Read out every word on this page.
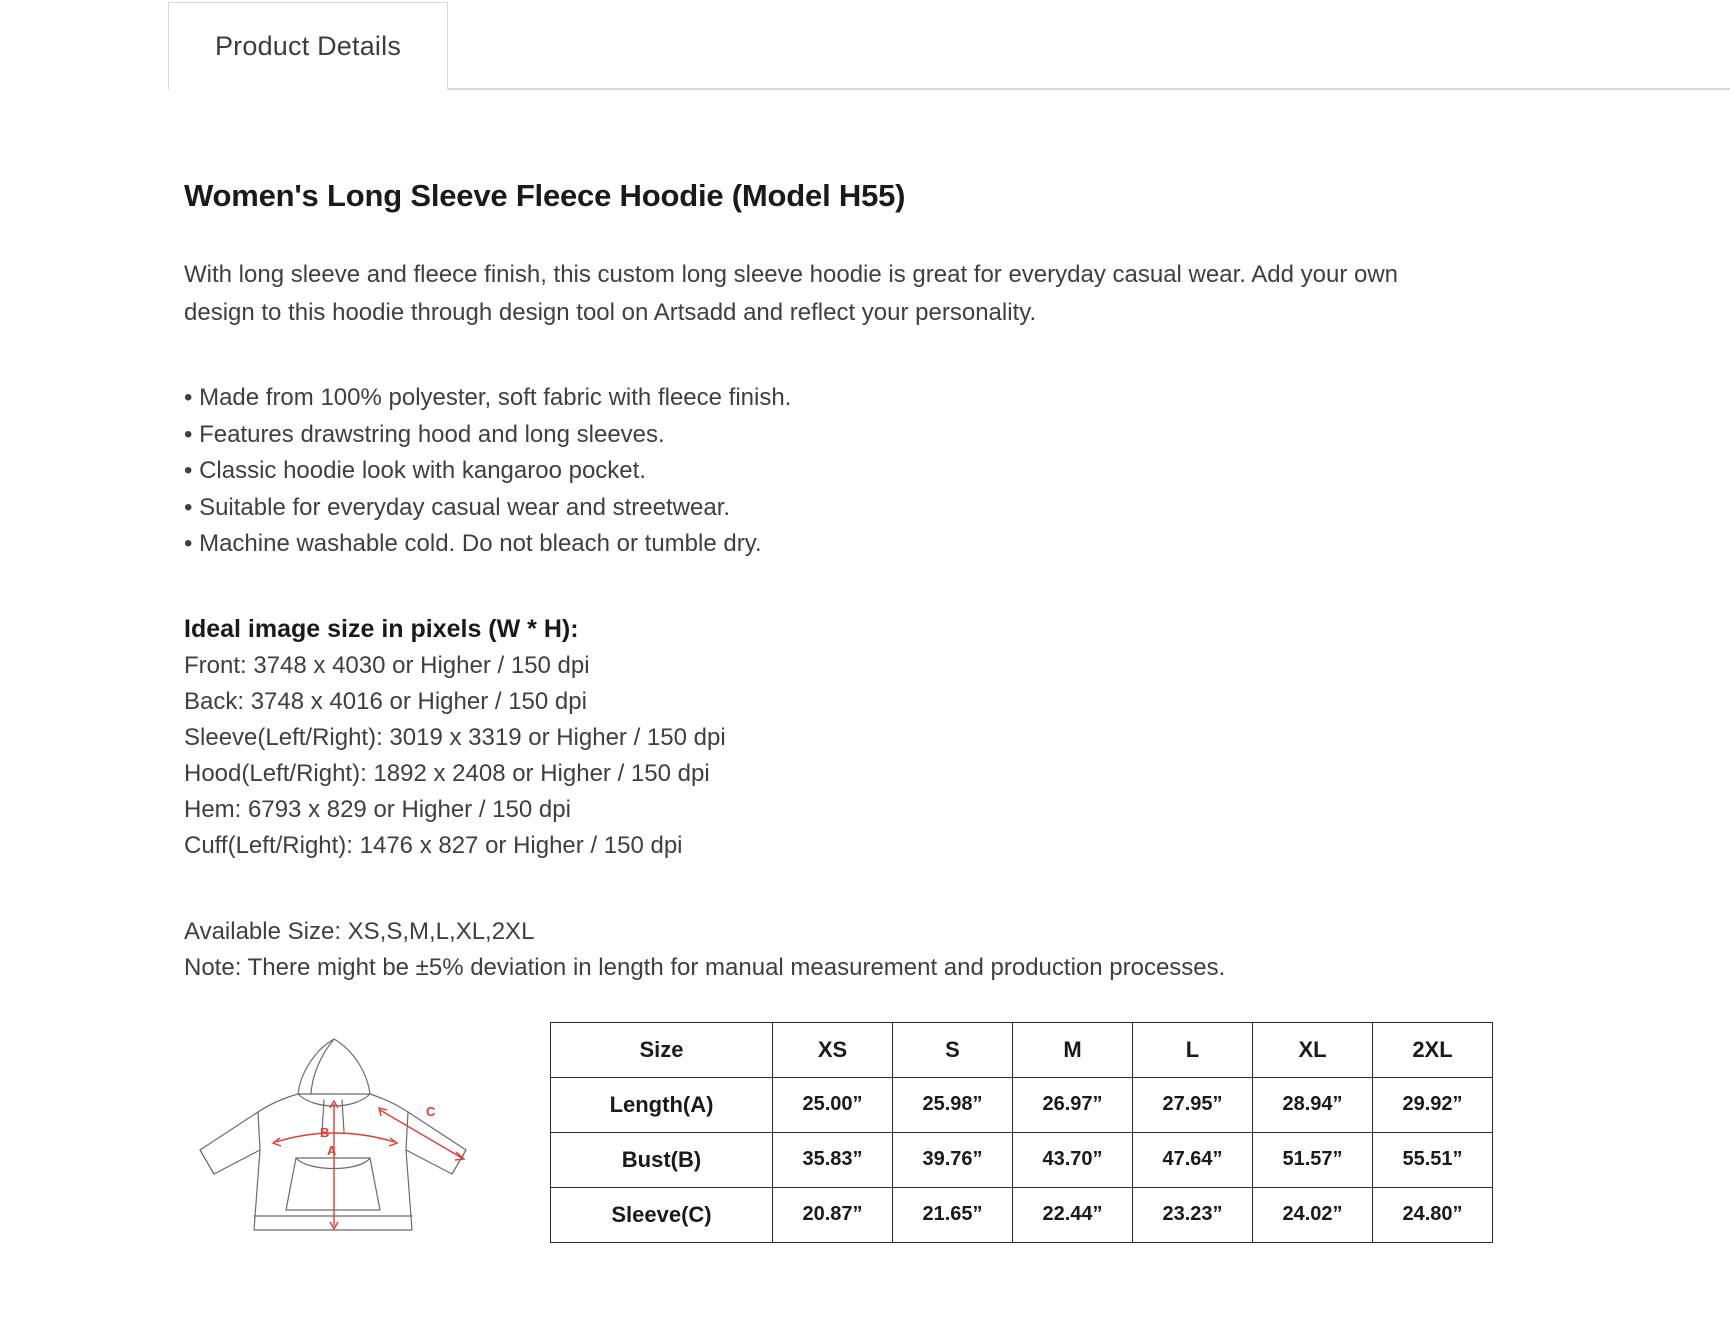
Product Details
Women's Long Sleeve Fleece Hoodie (Model H55)

With long sleeve and fleece finish, this custom long sleeve hoodie is great for everyday casual wear. Add your own design to this hoodie through design tool on Artsadd and reflect your personality.

• Made from 100% polyester, soft fabric with fleece finish.
• Features drawstring hood and long sleeves.
• Classic hoodie look with kangaroo pocket.
• Suitable for everyday casual wear and streetwear.
• Machine washable cold. Do not bleach or tumble dry.
Ideal image size in pixels (W * H):
Front: 3748 x 4030 or Higher / 150 dpi
Back: 3748 x 4016 or Higher / 150 dpi
Sleeve(Left/Right): 3019 x 3319 or Higher / 150 dpi
Hood(Left/Right): 1892 x 2408 or Higher / 150 dpi
Hem: 6793 x 829 or Higher / 150 dpi
Cuff(Left/Right): 1476 x 827 or Higher / 150 dpi
Available Size: XS,S,M,L,XL,2XL
Note: There might be ±5% deviation in length for manual measurement and production processes.
A
B
C
Size	XS	S	M	L	XL	2XL
Length(A)	25.00”	25.98”	26.97”	27.95”	28.94”	29.92”
Bust(B)	35.83”	39.76”	43.70”	47.64”	51.57”	55.51”
Sleeve(C)	20.87”	21.65”	22.44”	23.23”	24.02”	24.80”
